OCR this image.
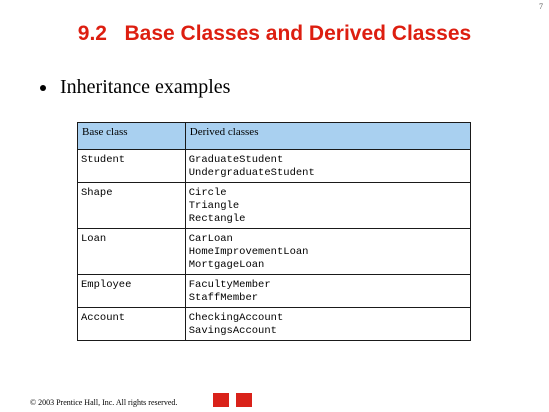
7
9.2   Base Classes and Derived Classes
Inheritance examples
Base class	Derived classes
Student	GraduateStudent
UndergraduateStudent

Shape	Circle
Triangle
Rectangle

Loan	CarLoan
HomeImprovementLoan
MortgageLoan

Employee	FacultyMember
StaffMember

Account	CheckingAccount
SavingsAccount
© 2003 Prentice Hall, Inc. All rights reserved.
